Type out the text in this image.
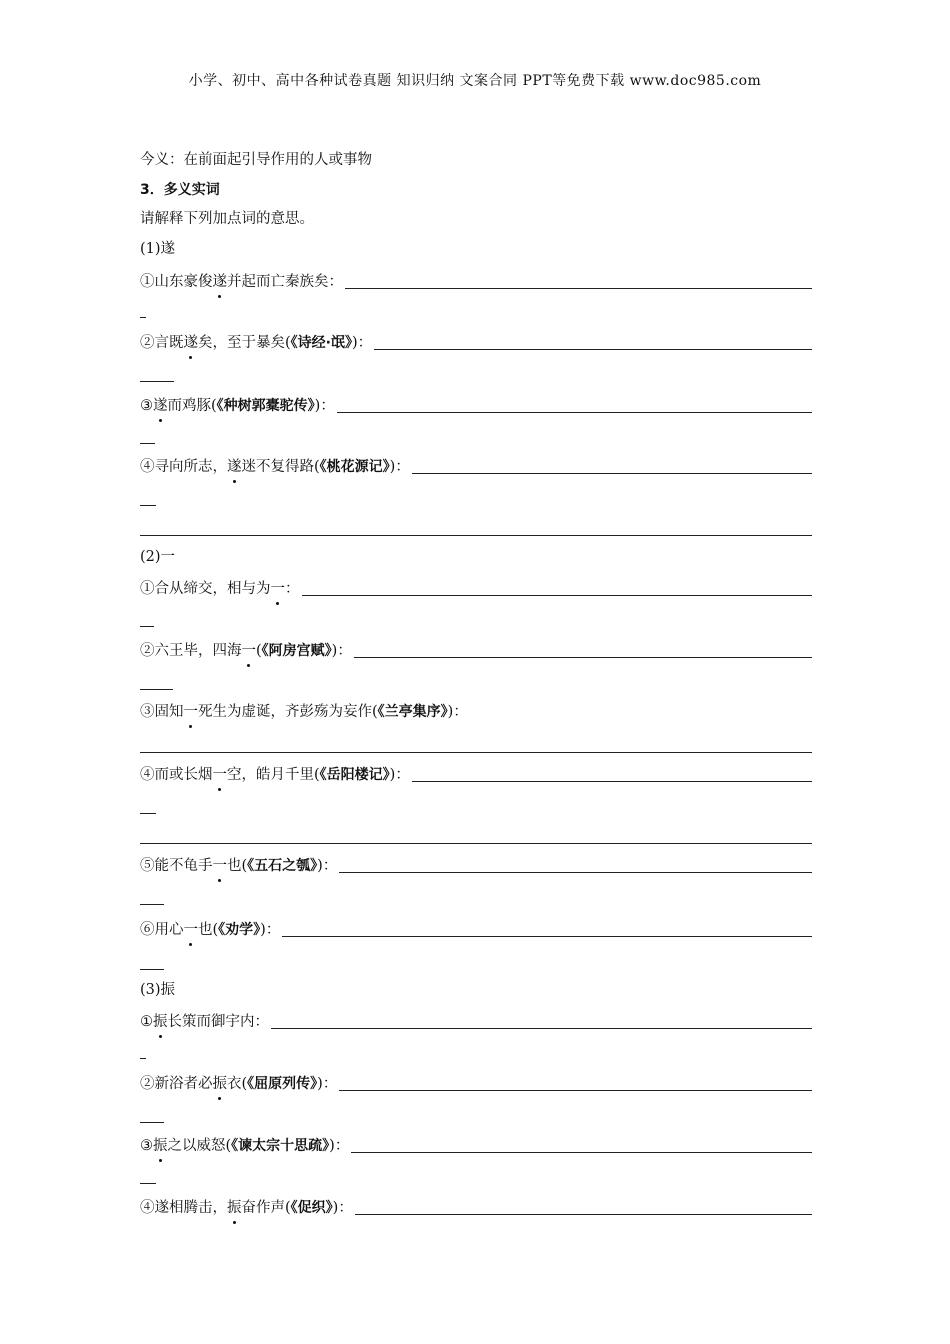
小学、初中、高中各种试卷真题 知识归纳 文案合同 PPT等免费下载 www.doc985.com
今义：在前面起引导作用的人或事物
3．多义实词
请解释下列加点词的意思。
(1)遂
①山东豪俊遂并起而亡秦族矣：
②言既遂矣，至于暴矣(《诗经·氓》)：
③遂而鸡豚(《种树郭橐驼传》)：
④寻向所志，遂迷不复得路(《桃花源记》)：
(2)一
①合从缔交，相与为一：
②六王毕，四海一(《阿房宫赋》)：
③固知一死生为虚诞，齐彭殇为妄作(《兰亭集序》)：
④而或长烟一空，皓月千里(《岳阳楼记》)：
⑤能不龟手一也(《五石之瓠》)：
⑥用心一也(《劝学》)：
(3)振
①振长策而御宇内：
②新浴者必振衣(《屈原列传》)：
③振之以威怒(《谏太宗十思疏》)：
④遂相腾击，振奋作声(《促织》)：
